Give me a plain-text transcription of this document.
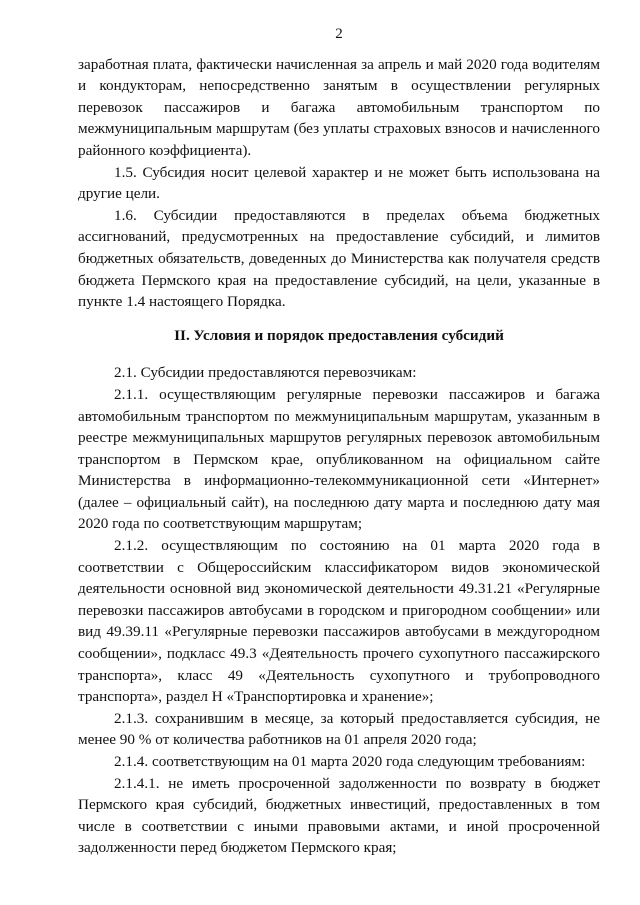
2

заработная плата, фактически начисленная за апрель и май 2020 года водителям и кондукторам, непосредственно занятым в осуществлении регулярных перевозок пассажиров и багажа автомобильным транспортом по межмуниципальным маршрутам (без уплаты страховых взносов и начисленного районного коэффициента).

1.5. Субсидия носит целевой характер и не может быть использована на другие цели.

1.6. Субсидии предоставляются в пределах объема бюджетных ассигнований, предусмотренных на предоставление субсидий, и лимитов бюджетных обязательств, доведенных до Министерства как получателя средств бюджета Пермского края на предоставление субсидий, на цели, указанные в пункте 1.4 настоящего Порядка.

II. Условия и порядок предоставления субсидий

2.1. Субсидии предоставляются перевозчикам:

2.1.1. осуществляющим регулярные перевозки пассажиров и багажа автомобильным транспортом по межмуниципальным маршрутам, указанным в реестре межмуниципальных маршрутов регулярных перевозок автомобильным транспортом в Пермском крае, опубликованном на официальном сайте Министерства в информационно-телекоммуникационной сети «Интернет» (далее – официальный сайт), на последнюю дату марта и последнюю дату мая 2020 года по соответствующим маршрутам;

2.1.2. осуществляющим по состоянию на 01 марта 2020 года в соответствии с Общероссийским классификатором видов экономической деятельности основной вид экономической деятельности 49.31.21 «Регулярные перевозки пассажиров автобусами в городском и пригородном сообщении» или вид 49.39.11 «Регулярные перевозки пассажиров автобусами в междугородном сообщении», подкласс 49.3 «Деятельность прочего сухопутного пассажирского транспорта», класс 49 «Деятельность сухопутного и трубопроводного транспорта», раздел H «Транспортировка и хранение»;

2.1.3. сохранившим в месяце, за который предоставляется субсидия, не менее 90 % от количества работников на 01 апреля 2020 года;

2.1.4. соответствующим на 01 марта 2020 года следующим требованиям:

2.1.4.1. не иметь просроченной задолженности по возврату в бюджет Пермского края субсидий, бюджетных инвестиций, предоставленных в том числе в соответствии с иными правовыми актами, и иной просроченной задолженности перед бюджетом Пермского края;
